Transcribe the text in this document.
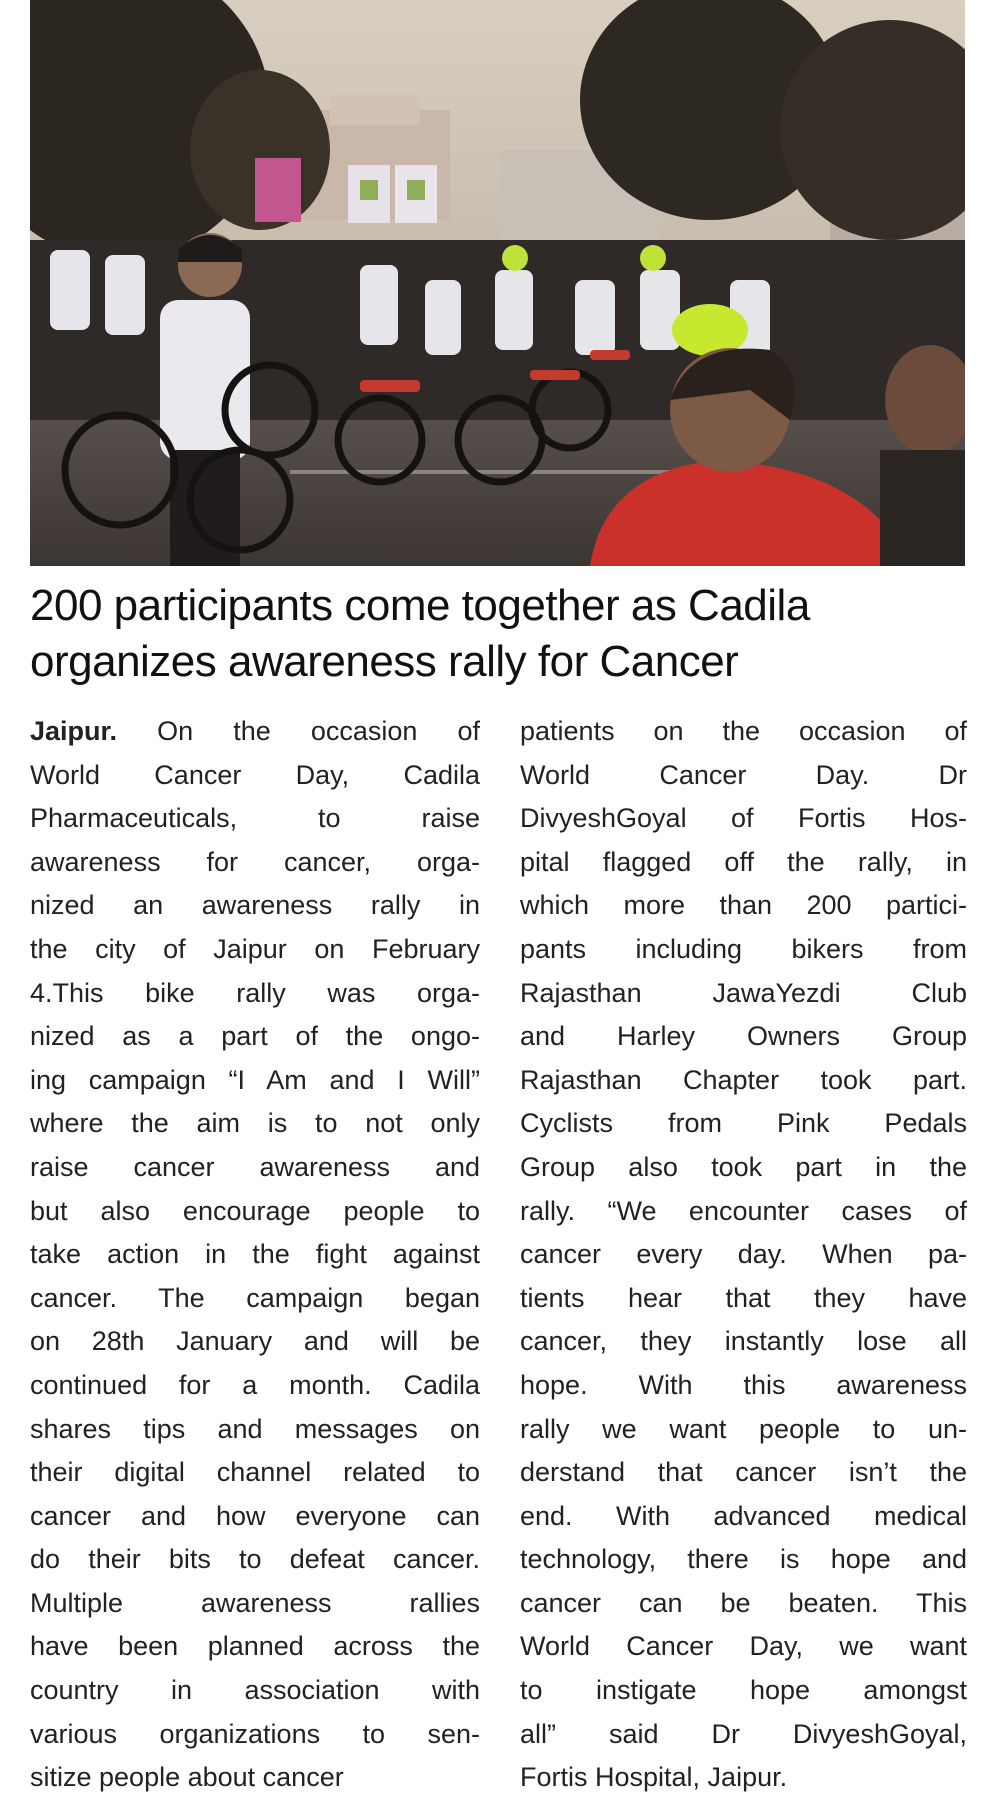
200 participants come together as Cadila
organizes awareness rally for Cancer
Jaipur. On the occasion of
World Cancer Day, Cadila
Pharmaceuticals, to raise
awareness for cancer, orga-
nized an awareness rally in
the city of Jaipur on February
4.This bike rally was orga-
nized as a part of the ongo-
ing campaign “I Am and I Will”
where the aim is to not only
raise cancer awareness and
but also encourage people to
take action in the fight against
cancer. The campaign began
on 28th January and will be
continued for a month. Cadila
shares tips and messages on
their digital channel related to
cancer and how everyone can
do their bits to defeat cancer.
Multiple awareness rallies
have been planned across the
country in association with
various organizations to sen-
sitize people about cancer
patients on the occasion of
World Cancer Day. Dr
DivyeshGoyal of Fortis Hos-
pital flagged off the rally, in
which more than 200 partici-
pants including bikers from
Rajasthan JawaYezdi Club
and Harley Owners Group
Rajasthan Chapter took part.
Cyclists from Pink Pedals
Group also took part in the
rally. “We encounter cases of
cancer every day. When pa-
tients hear that they have
cancer, they instantly lose all
hope. With this awareness
rally we want people to un-
derstand that cancer isn’t the
end. With advanced medical
technology, there is hope and
cancer can be beaten. This
World Cancer Day, we want
to instigate hope amongst
all” said Dr DivyeshGoyal,
Fortis Hospital, Jaipur.
